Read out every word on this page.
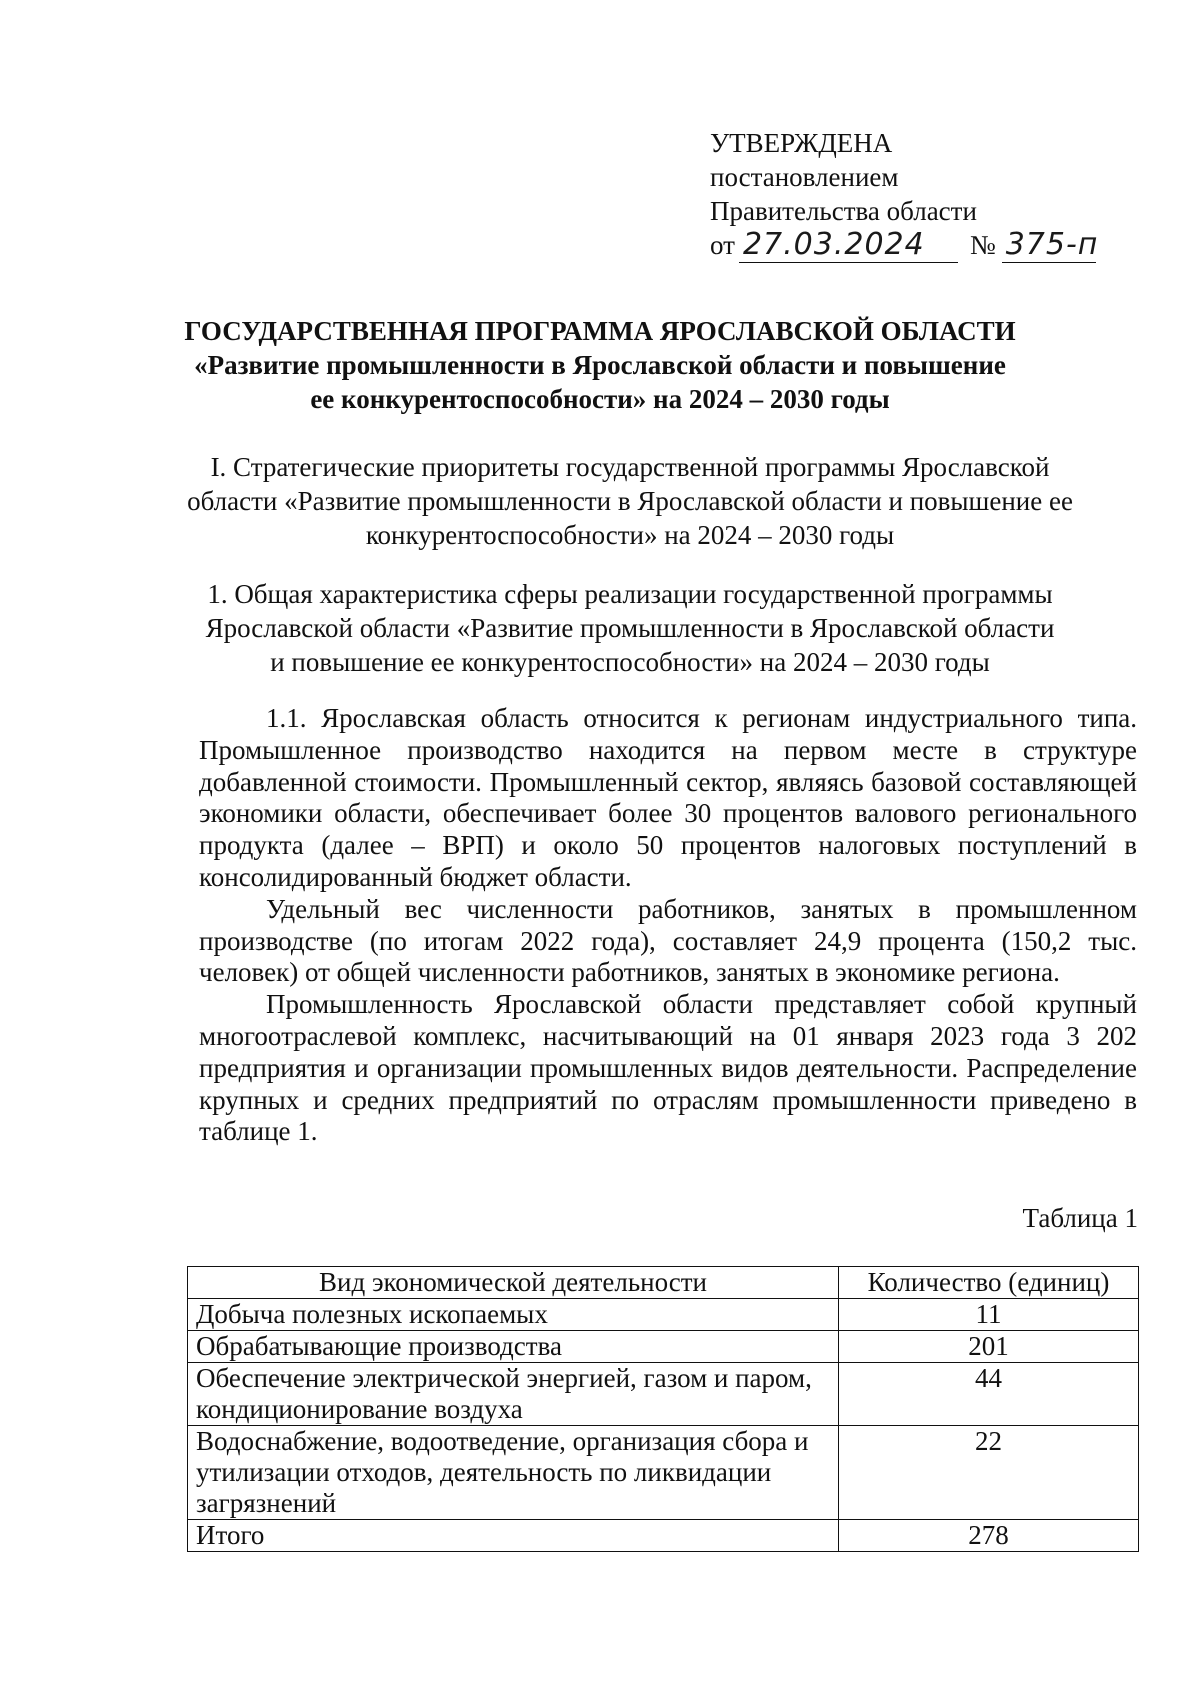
УТВЕРЖДЕНА
постановлением
Правительства области
от 27.03.2024 № 375-п
ГОСУДАРСТВЕННАЯ ПРОГРАММА ЯРОСЛАВСКОЙ ОБЛАСТИ
«Развитие промышленности в Ярославской области и повышение
ее конкурентоспособности» на 2024 – 2030 годы
I. Стратегические приоритеты государственной программы Ярославской
области «Развитие промышленности в Ярославской области и повышение ее
конкурентоспособности» на 2024 – 2030 годы
1. Общая характеристика сферы реализации государственной программы
Ярославской области «Развитие промышленности в Ярославской области
и повышение ее конкурентоспособности» на 2024 – 2030 годы

1.1. Ярославская область относится к регионам индустриального типа. Промышленное производство находится на первом месте в структуре добавленной стоимости. Промышленный сектор, являясь базовой составляющей экономики области, обеспечивает более 30 процентов валового регионального продукта (далее – ВРП) и около 50 процентов налоговых поступлений в консолидированный бюджет области.

Удельный вес численности работников, занятых в промышленном производстве (по итогам 2022 года), составляет 24,9 процента (150,2 тыс. человек) от общей численности работников, занятых в экономике региона.

Промышленность Ярославской области представляет собой крупный многоотраслевой комплекс, насчитывающий на 01 января 2023 года 3 202 предприятия и организации промышленных видов деятельности. Распределение крупных и средних предприятий по отраслям промышленности приведено в таблице 1.

Таблица 1
Вид экономической деятельности	Количество (единиц)
Добыча полезных ископаемых	11
Обрабатывающие производства	201
Обеспечение электрической энергией, газом и паром, кондиционирование воздуха	44
Водоснабжение, водоотведение, организация сбора и утилизации отходов, деятельность по ликвидации загрязнений	22
Итого	278
